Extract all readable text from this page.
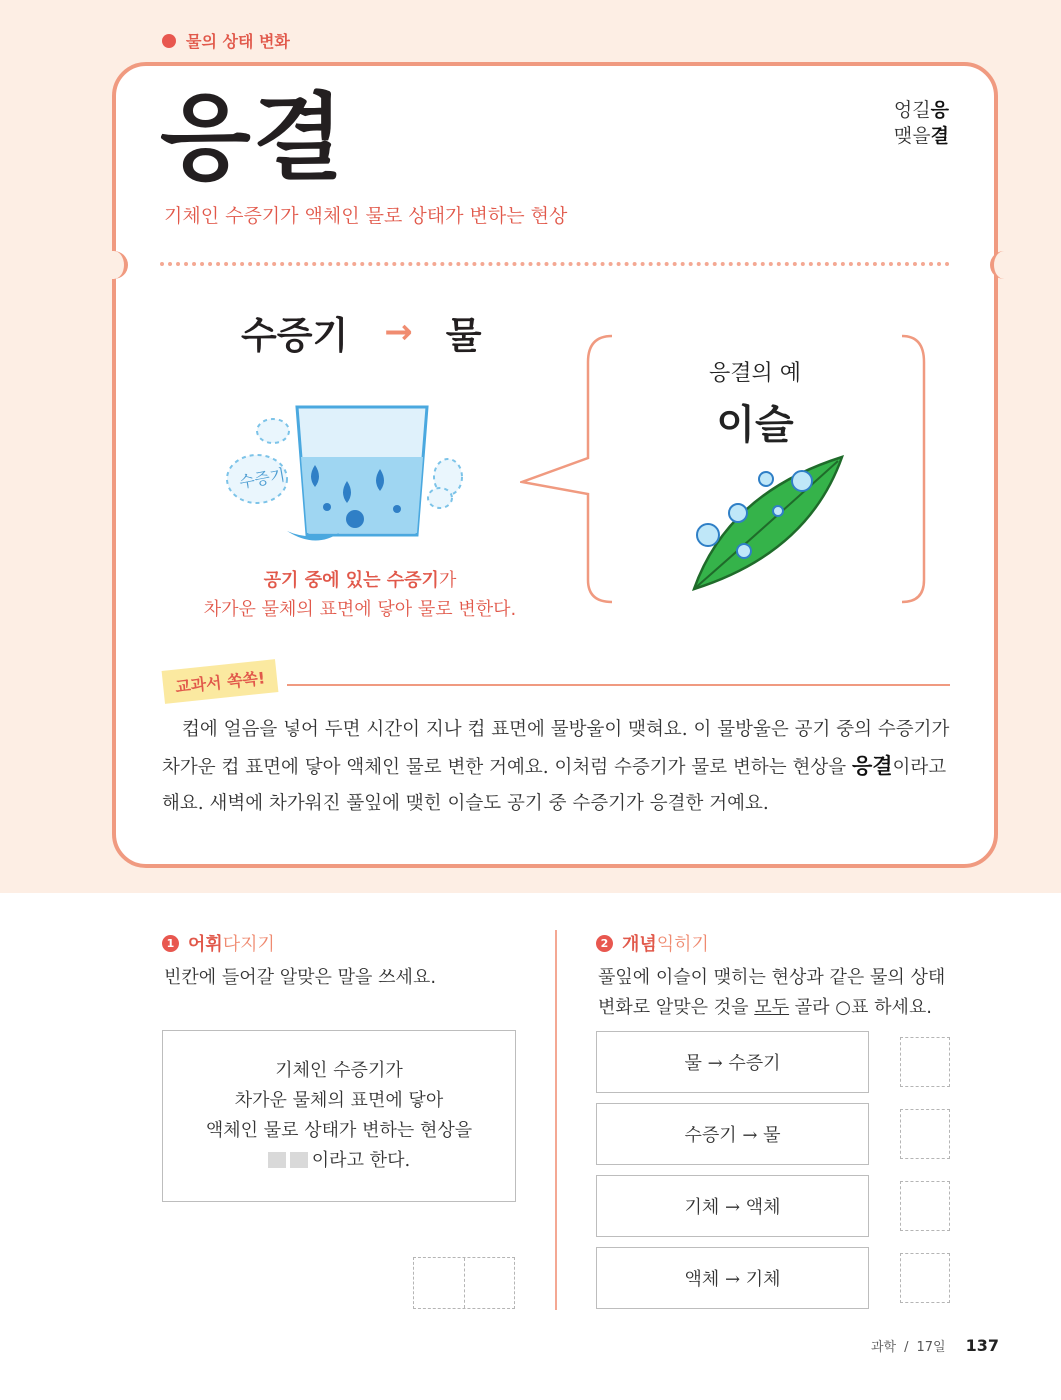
물의 상태 변화
응결	엉길응
맺을결
기체인 수증기가 액체인 물로 상태가 변하는 현상
수증기 → 물
수증기
공기 중에 있는 수증기가
차가운 물체의 표면에 닿아 물로 변한다.
응결의 예
이슬
교과서 쏙쏙!
컵에 얼음을 넣어 두면 시간이 지나 컵 표면에 물방울이 맺혀요. 이 물방울은 공기 중의 수증기가 차가운 컵 표면에 닿아 액체인 물로 변한 거예요. 이처럼 수증기가 물로 변하는 현상을 응결이라고 해요. 새벽에 차가워진 풀잎에 맺힌 이슬도 공기 중 수증기가 응결한 거예요.
1 어휘 다지기
빈칸에 들어갈 알맞은 말을 쓰세요.
기체인 수증기가
차가운 물체의 표면에 닿아
액체인 물로 상태가 변하는 현상을
이라고 한다.
2 개념 익히기
풀잎에 이슬이 맺히는 현상과 같은 물의 상태
변화로 알맞은 것을 모두 골라 ○표 하세요.
물 → 수증기
수증기 → 물
기체 → 액체
액체 → 기체
과학 / 17일 137
